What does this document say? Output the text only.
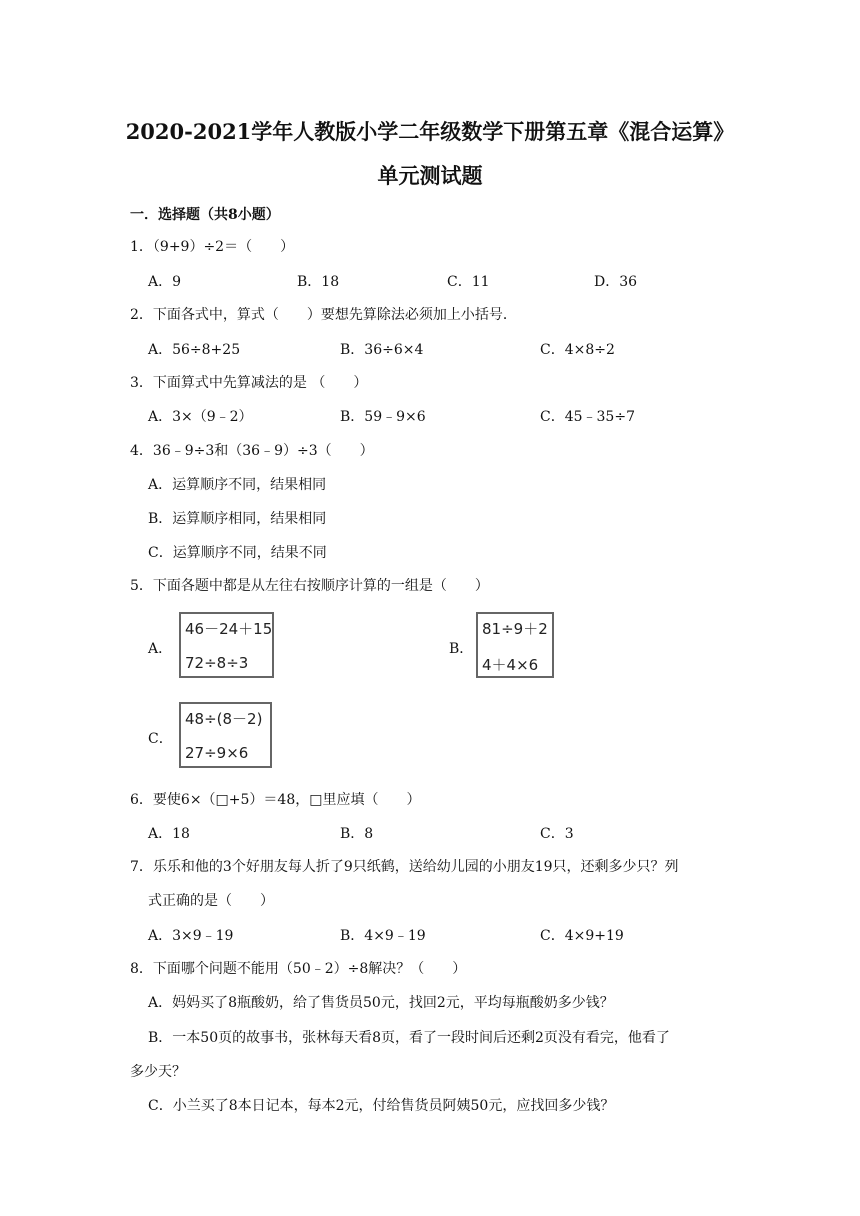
2020-2021学年人教版小学二年级数学下册第五章《混合运算》
单元测试题
一．选择题（共8小题）
1．（9+9）÷2＝（　　）
A．9	B．18	C．11	D．36
2．下面各式中，算式（　　）要想先算除法必须加上小括号．
A．56÷8+25	B．36÷6×4	C．4×8÷2
3．下面算式中先算减法的是 （　　）
A．3×（9﹣2）	B．59﹣9×6	C．45﹣35÷7
4．36﹣9÷3和（36﹣9）÷3（　　）
A．运算顺序不同，结果相同
B．运算顺序相同，结果相同
C．运算顺序不同，结果不同
5．下面各题中都是从左往右按顺序计算的一组是（　　）
A．
46－24＋15
72÷8÷3
B．
81÷9＋2
4＋4×6
C．
48÷(8－2)
27÷9×6
6．要使6×（□+5）＝48，□里应填（　　）
A．18	B．8	C．3
7．乐乐和他的3个好朋友每人折了9只纸鹤，送给幼儿园的小朋友19只，还剩多少只？列
式正确的是（　　）
A．3×9﹣19	B．4×9﹣19	C．4×9+19
8．下面哪个问题不能用（50﹣2）÷8解决？（　　）
A．妈妈买了8瓶酸奶，给了售货员50元，找回2元，平均每瓶酸奶多少钱？
B．一本50页的故事书，张林每天看8页，看了一段时间后还剩2页没有看完，他看了
多少天？
C．小兰买了8本日记本，每本2元，付给售货员阿姨50元，应找回多少钱？
